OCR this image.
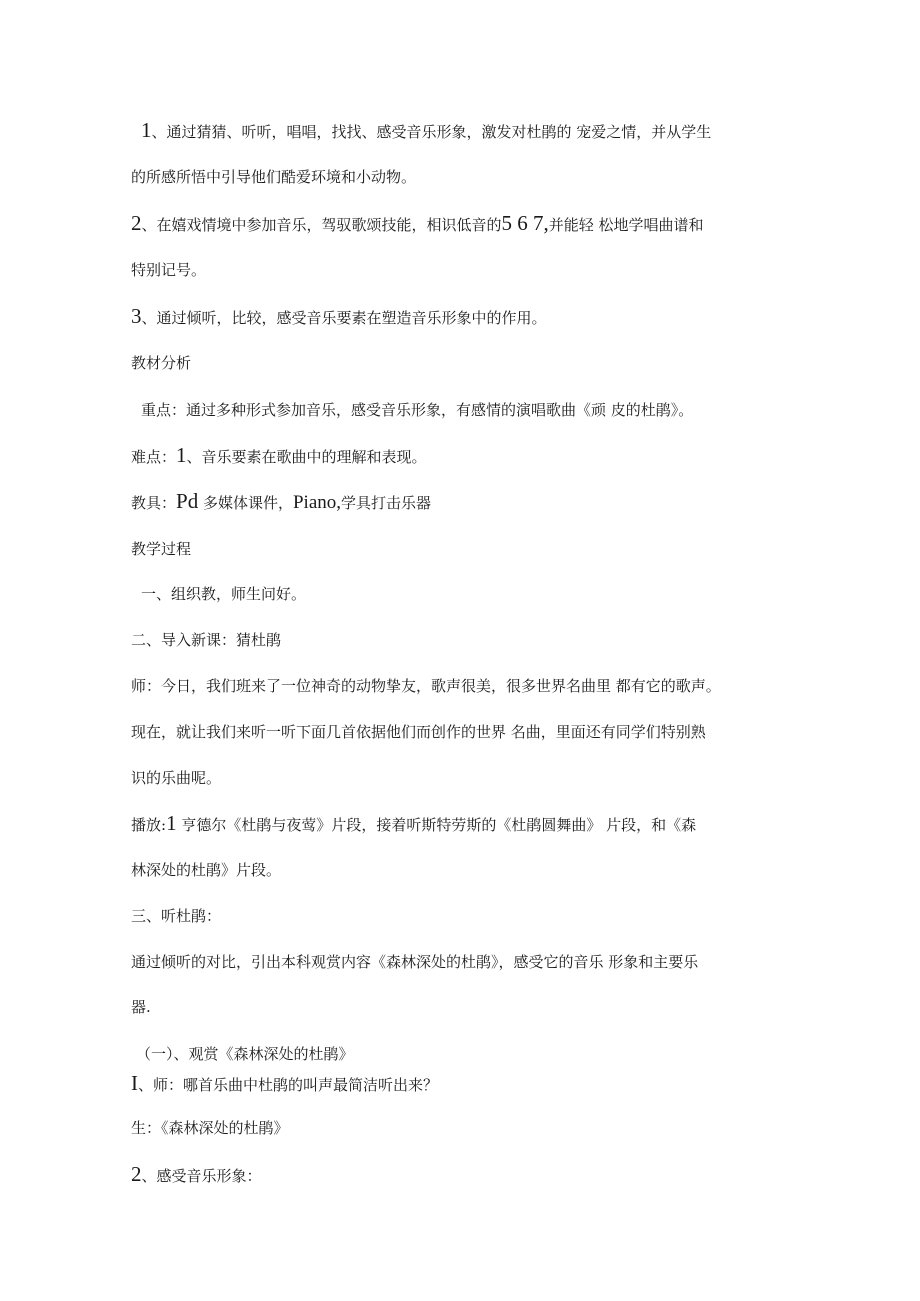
1、通过猜猜、听听，唱唱，找找、感受音乐形象，激发对杜鹃的 宠爱之情，并从学生
的所感所悟中引导他们酷爱环境和小动物。
2、在嬉戏情境中参加音乐，驾驭歌颂技能，相识低音的5 6 7,并能轻 松地学唱曲谱和
特别记号。
3、通过倾听，比较，感受音乐要素在塑造音乐形象中的作用。
教材分析
重点：通过多种形式参加音乐，感受音乐形象，有感情的演唱歌曲《顽 皮的杜鹃》。
难点：1、音乐要素在歌曲中的理解和表现。
教具：Pd 多媒体课件，Piano,学具打击乐器
教学过程
一、组织教，师生问好。
二、导入新课：猜杜鹃
师：今日，我们班来了一位神奇的动物挚友，歌声很美，很多世界名曲里 都有它的歌声。
现在，就让我们来听一听下面几首依据他们而创作的世界 名曲，里面还有同学们特别熟
识的乐曲呢。
播放:1 亨德尔《杜鹃与夜莺》片段，接着听斯特劳斯的《杜鹃圆舞曲》 片段，和《森
林深处的杜鹃》片段。
三、听杜鹃：
通过倾听的对比，引出本科观赏内容《森林深处的杜鹃》，感受它的音乐 形象和主要乐
器.
（一）、观赏《森林深处的杜鹃》
I、师：哪首乐曲中杜鹃的叫声最简洁听出来？
生：《森林深处的杜鹃》
2、感受音乐形象：
